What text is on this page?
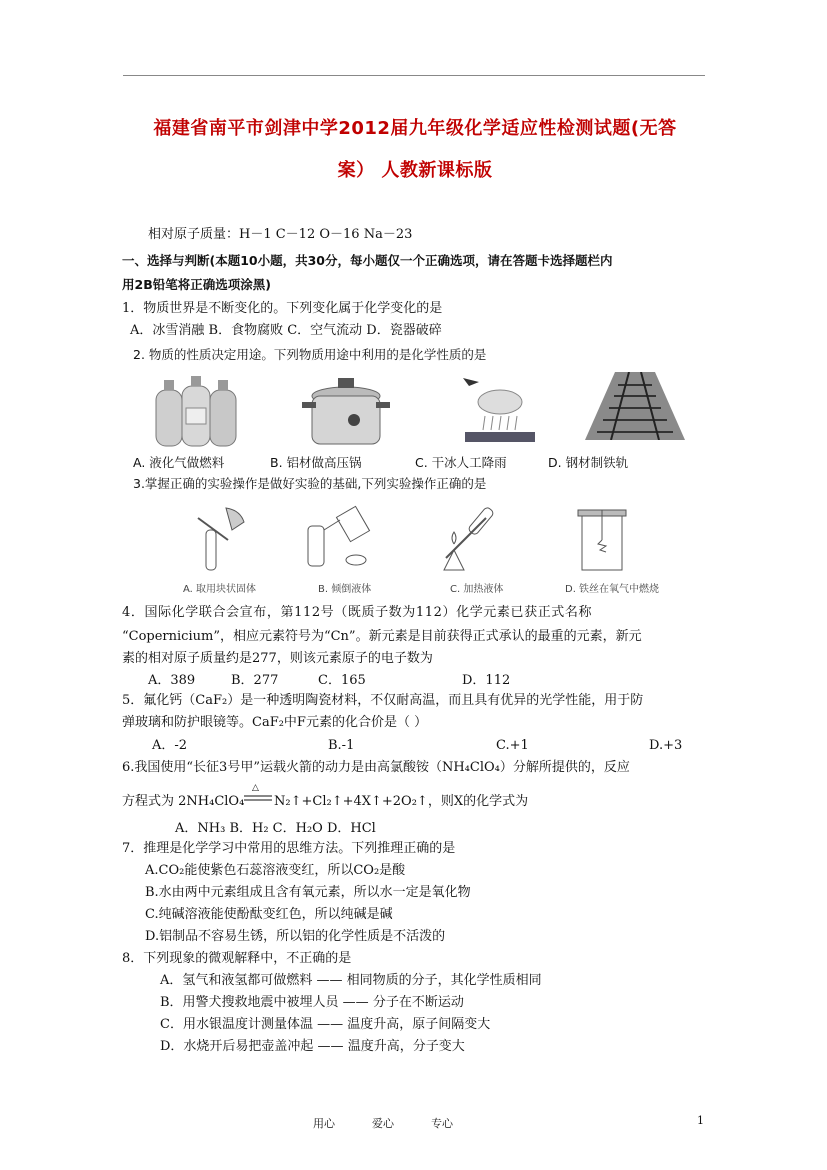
福建省南平市剑津中学2012届九年级化学适应性检测试题(无答
案） 人教新课标版
相对原子质量：H－1 C－12 O－16 Na－23
一、选择与判断(本题10小题，共30分，每小题仅一个正确选项，请在答题卡选择题栏内
用2B铅笔将正确选项涂黑)
1．物质世界是不断变化的。下列变化属于化学变化的是
A．冰雪消融 B．食物腐败 C．空气流动 D．瓷器破碎
2. 物质的性质决定用途。下列物质用途中利用的是化学性质的是
A. 液化气做燃料	B. 铝材做高压锅	C. 干冰人工降雨	D. 钢材制铁轨
3.掌握正确的实验操作是做好实验的基础,下列实验操作正确的是
A. 取用块状固体	B. 倾倒液体	C. 加热液体	D. 铁丝在氧气中燃烧
4．国际化学联合会宣布，第112号（既质子数为112）化学元素已获正式名称
“Copernicium”，相应元素符号为“Cn”。新元素是目前获得正式承认的最重的元素，新元
素的相对原子质量约是277，则该元素原子的电子数为
A．389	B．277	C．165	D．112
5．氟化钙（CaF₂）是一种透明陶瓷材料，不仅耐高温，而且具有优异的光学性能，用于防
弹玻璃和防护眼镜等。CaF₂中F元素的化合价是（ ）
A．-2	B.-1	C.+1	D.+3
6.我国使用“长征3号甲”运载火箭的动力是由高氯酸铵（NH₄ClO₄）分解所提供的，反应
方程式为 2NH₄ClO₄
△
N₂↑+Cl₂↑+4X↑+2O₂↑，则X的化学式为
A．NH₃ B．H₂ C．H₂O D．HCl
7．推理是化学学习中常用的思维方法。下列推理正确的是
A.CO₂能使紫色石蕊溶液变红，所以CO₂是酸
B.水由两中元素组成且含有氧元素，所以水一定是氧化物
C.纯碱溶液能使酚酞变红色，所以纯碱是碱
D.铝制品不容易生锈，所以铝的化学性质是不活泼的
8．下列现象的微观解释中，不正确的是
A．氢气和液氢都可做燃料 —— 相同物质的分子，其化学性质相同
B．用警犬搜救地震中被埋人员 —— 分子在不断运动
C．用水银温度计测量体温 —— 温度升高，原子间隔变大
D．水烧开后易把壶盖冲起 —— 温度升高，分子变大
用心	爱心	专心	1
